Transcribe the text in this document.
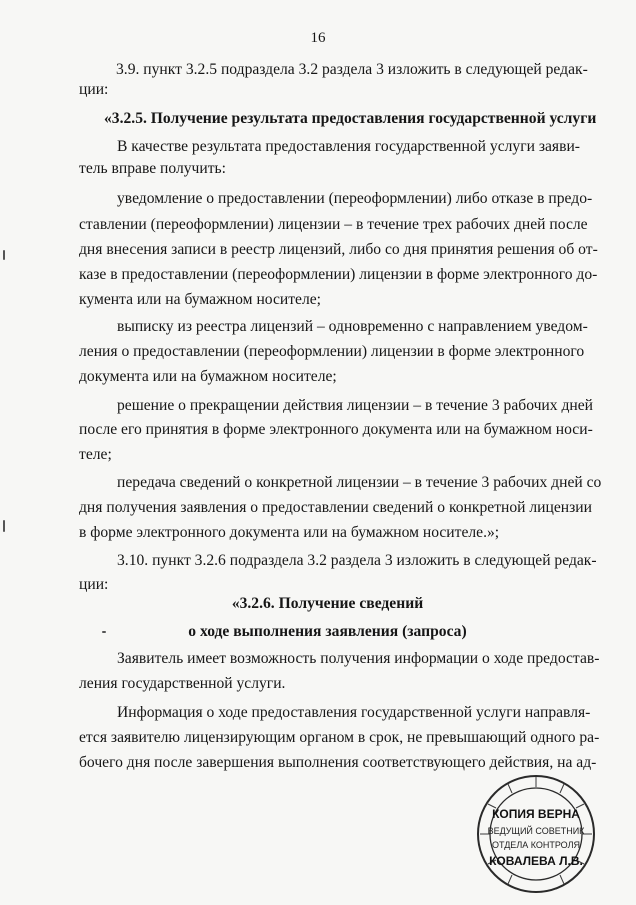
16
3.9. пункт 3.2.5 подраздела 3.2 раздела 3 изложить в следующей редак-
ции:
«3.2.5. Получение результата предоставления государственной услуги
В качестве результата предоставления государственной услуги заяви-
тель вправе получить:
уведомление о предоставлении (переоформлении) либо отказе в предо-
ставлении (переоформлении) лицензии – в течение трех рабочих дней после
дня внесения записи в реестр лицензий, либо со дня принятия решения об от-
казе в предоставлении (переоформлении) лицензии в форме электронного до-
кумента или на бумажном носителе;
выписку из реестра лицензий – одновременно с направлением уведом-
ления о предоставлении (переоформлении) лицензии в форме электронного
документа или на бумажном носителе;
решение о прекращении действия лицензии – в течение 3 рабочих дней
после его принятия в форме электронного документа или на бумажном носи-
теле;
передача сведений о конкретной лицензии – в течение 3 рабочих дней со
дня получения заявления о предоставлении сведений о конкретной лицензии
в форме электронного документа или на бумажном носителе.»;
3.10. пункт 3.2.6 подраздела 3.2 раздела 3 изложить в следующей редак-
ции:
«3.2.6. Получение сведений
о ходе выполнения заявления (запроса)
Заявитель имеет возможность получения информации о ходе предостав-
ления государственной услуги.
Информация о ходе предоставления государственной услуги направля-
ется заявителю лицензирующим органом в срок, не превышающий одного ра-
бочего дня после завершения выполнения соответствующего действия, на ад-
КОПИЯ ВЕРНА
ВЕДУЩИЙ СОВЕТНИК
ОТДЕЛА КОНТРОЛЯ
КОВАЛЕВА Л.В.
